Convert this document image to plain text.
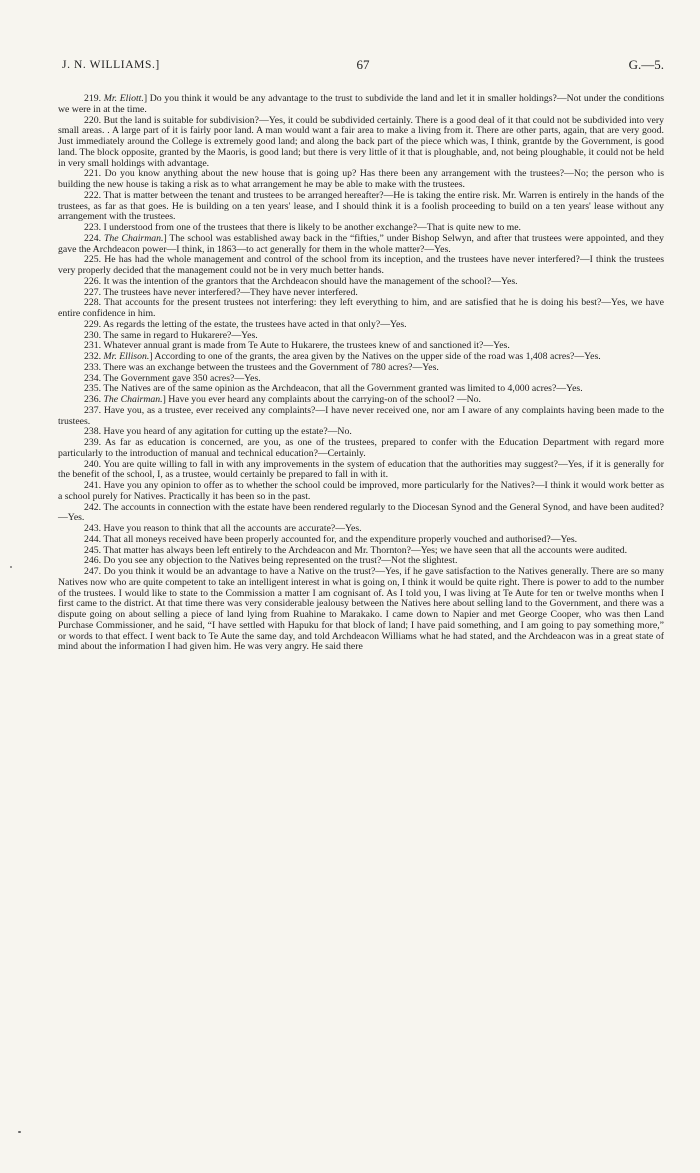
J. N. WILLIAMS.]	67	G.—5.

219. Mr. Eliott.] Do you think it would be any advantage to the trust to subdivide the land and let it in smaller holdings?—Not under the conditions we were in at the time.

220. But the land is suitable for subdivision?—Yes, it could be subdivided certainly. There is a good deal of it that could not be subdivided into very small areas. . A large part of it is fairly poor land. A man would want a fair area to make a living from it. There are other parts, again, that are very good. Just immediately around the College is extremely good land; and along the back part of the piece which was, I think, grantde by the Government, is good land. The block opposite, granted by the Maoris, is good land; but there is very little of it that is ploughable, and, not being ploughable, it could not be held in very small holdings with advantage.

221. Do you know anything about the new house that is going up? Has there been any arrangement with the trustees?—No; the person who is building the new house is taking a risk as to what arrangement he may be able to make with the trustees.

222. That is matter between the tenant and trustees to be arranged hereafter?—He is taking the entire risk. Mr. Warren is entirely in the hands of the trustees, as far as that goes. He is building on a ten years' lease, and I should think it is a foolish proceeding to build on a ten years' lease without any arrangement with the trustees.

223. I understood from one of the trustees that there is likely to be another exchange?—That is quite new to me.

224. The Chairman.] The school was established away back in the “fifties,” under Bishop Selwyn, and after that trustees were appointed, and they gave the Archdeacon power—I think, in 1863—to act generally for them in the whole matter?—Yes.

225. He has had the whole management and control of the school from its inception, and the trustees have never interfered?—I think the trustees very properly decided that the management could not be in very much better hands.

226. It was the intention of the grantors that the Archdeacon should have the management of the school?—Yes.

227. The trustees have never interfered?—They have never interfered.

228. That accounts for the present trustees not interfering: they left everything to him, and are satisfied that he is doing his best?—Yes, we have entire confidence in him.

229. As regards the letting of the estate, the trustees have acted in that only?—Yes.

230. The same in regard to Hukarere?—Yes.

231. Whatever annual grant is made from Te Aute to Hukarere, the trustees knew of and sanctioned it?—Yes.

232. Mr. Ellison.] According to one of the grants, the area given by the Natives on the upper side of the road was 1,408 acres?—Yes.

233. There was an exchange between the trustees and the Government of 780 acres?—Yes.

234. The Government gave 350 acres?—Yes.

235. The Natives are of the same opinion as the Archdeacon, that all the Government granted was limited to 4,000 acres?—Yes.

236. The Chairman.] Have you ever heard any complaints about the carrying-on of the school? —No.

237. Have you, as a trustee, ever received any complaints?—I have never received one, nor am I aware of any complaints having been made to the trustees.

238. Have you heard of any agitation for cutting up the estate?—No.

239. As far as education is concerned, are you, as one of the trustees, prepared to confer with the Education Department with regard more particularly to the introduction of manual and technical education?—Certainly.

240. You are quite willing to fall in with any improvements in the system of education that the authorities may suggest?—Yes, if it is generally for the benefit of the school, I, as a trustee, would certainly be prepared to fall in with it.

241. Have you any opinion to offer as to whether the school could be improved, more particularly for the Natives?—I think it would work better as a school purely for Natives. Practically it has been so in the past.

242. The accounts in connection with the estate have been rendered regularly to the Diocesan Synod and the General Synod, and have been audited?—Yes.

243. Have you reason to think that all the accounts are accurate?—Yes.

244. That all moneys received have been properly accounted for, and the expenditure properly vouched and authorised?—Yes.

245. That matter has always been left entirely to the Archdeacon and Mr. Thornton?—Yes; we have seen that all the accounts were audited.

246. Do you see any objection to the Natives being represented on the trust?—Not the slightest.

247. Do you think it would be an advantage to have a Native on the trust?—Yes, if he gave satisfaction to the Natives generally. There are so many Natives now who are quite competent to take an intelligent interest in what is going on, I think it would be quite right. There is power to add to the number of the trustees. I would like to state to the Commission a matter I am cognisant of. As I told you, I was living at Te Aute for ten or twelve months when I first came to the district. At that time there was very considerable jealousy between the Natives here about selling land to the Government, and there was a dispute going on about selling a piece of land lying from Ruahine to Marakako. I came down to Napier and met George Cooper, who was then Land Purchase Commissioner, and he said, “I have settled with Hapuku for that block of land; I have paid something, and I am going to pay something more,” or words to that effect. I went back to Te Aute the same day, and told Archdeacon Williams what he had stated, and the Archdeacon was in a great state of mind about the information I had given him. He was very angry. He said there
